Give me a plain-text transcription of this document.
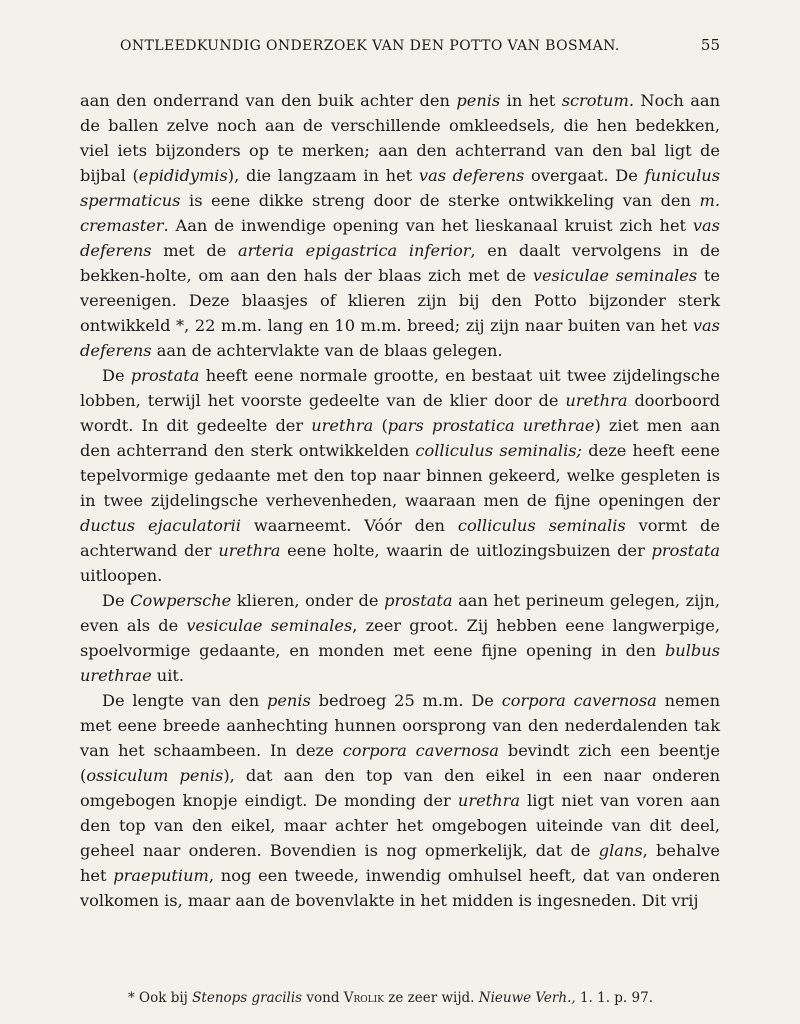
ONTLEEDKUNDIG ONDERZOEK VAN DEN POTTO VAN BOSMAN.	55

aan den onderrand van den buik achter den penis in het scrotum. Noch aan de ballen zelve noch aan de verschillende omkleedsels, die hen bedekken, viel iets bijzonders op te merken; aan den achterrand van den bal ligt de bijbal (epididymis), die langzaam in het vas deferens overgaat. De funiculus spermaticus is eene dikke streng door de sterke ontwikkeling van den m. cremaster. Aan de inwendige opening van het lieskanaal kruist zich het vas deferens met de arteria epigastrica inferior, en daalt vervolgens in de bekken-holte, om aan den hals der blaas zich met de vesiculae seminales te vereenigen. Deze blaasjes of klieren zijn bij den Potto bijzonder sterk ontwikkeld *, 22 m.m. lang en 10 m.m. breed; zij zijn naar buiten van het vas deferens aan de achtervlakte van de blaas gelegen.

De prostata heeft eene normale grootte, en bestaat uit twee zijdelingsche lobben, terwijl het voorste gedeelte van de klier door de urethra doorboord wordt. In dit gedeelte der urethra (pars prostatica urethrae) ziet men aan den achterrand den sterk ontwikkelden colliculus seminalis; deze heeft eene tepelvormige gedaante met den top naar binnen gekeerd, welke gespleten is in twee zijdelingsche verhevenheden, waaraan men de fijne openingen der ductus ejaculatorii waarneemt. Vóór den colliculus seminalis vormt de achterwand der urethra eene holte, waarin de uitlozingsbuizen der prostata uitloopen.

De Cowpersche klieren, onder de prostata aan het perineum gelegen, zijn, even als de vesiculae seminales, zeer groot. Zij hebben eene langwerpige, spoelvormige gedaante, en monden met eene fijne opening in den bulbus urethrae uit.

De lengte van den penis bedroeg 25 m.m. De corpora cavernosa nemen met eene breede aanhechting hunnen oorsprong van den nederdalenden tak van het schaambeen. In deze corpora cavernosa bevindt zich een beentje (ossiculum penis), dat aan den top van den eikel in een naar onderen omgebogen knopje eindigt. De monding der urethra ligt niet van voren aan den top van den eikel, maar achter het omgebogen uiteinde van dit deel, geheel naar onderen. Bovendien is nog opmerkelijk, dat de glans, behalve het praeputium, nog een tweede, inwendig omhulsel heeft, dat van onderen volkomen is, maar aan de bovenvlakte in het midden is ingesneden. Dit vrij

* Ook bij Stenops gracilis vond Vrolik ze zeer wijd. Nieuwe Verh., 1. 1. p. 97.
